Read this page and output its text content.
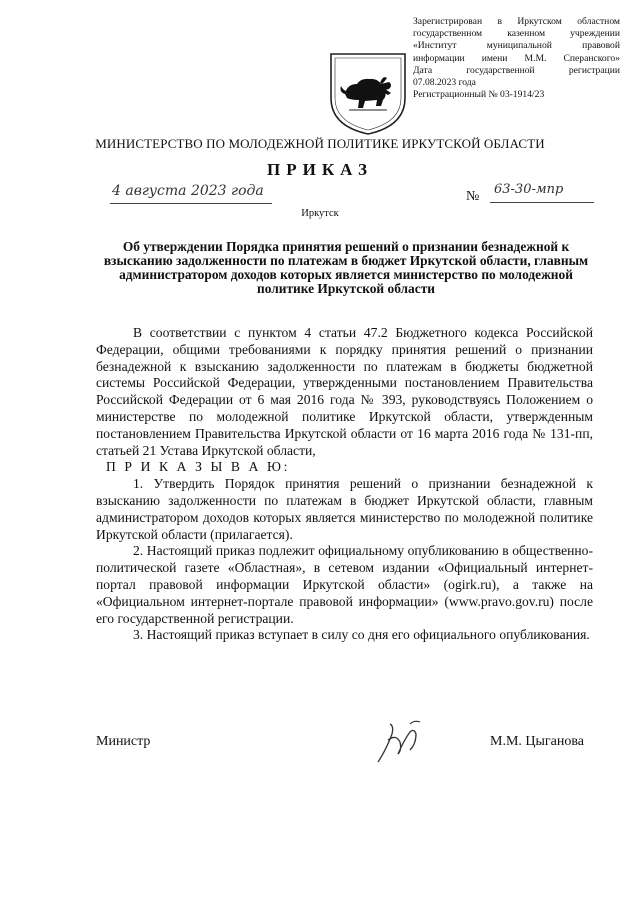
Зарегистрирован в Иркутском областном
государственном казенном учреждении
«Институт муниципальной правовой
информации имени М.М. Сперанского»
Дата государственной регистрации
07.08.2023 года
Регистрационный № 03-1914/23
МИНИСТЕРСТВО ПО МОЛОДЕЖНОЙ ПОЛИТИКЕ ИРКУТСКОЙ ОБЛАСТИ
ПРИКАЗ
4 августа 2023 года	№ 63-30-мпр
Иркутск
Об утверждении Порядка принятия решений о признании безнадежной к взысканию задолженности по платежам в бюджет Иркутской области, главным администратором доходов которых является министерство по молодежной политике Иркутской области

В соответствии с пунктом 4 статьи 47.2 Бюджетного кодекса Российской Федерации, общими требованиями к порядку принятия решений о признании безнадежной к взысканию задолженности по платежам в бюджеты бюджетной системы Российской Федерации, утвержденными постановлением Правительства Российской Федерации от 6 мая 2016 года № 393, руководствуясь Положением о министерстве по молодежной политике Иркутской области, утвержденным постановлением Правительства Иркутской области от 16 марта 2016 года № 131-пп, статьей 21 Устава Иркутской области,

П Р И К А З Ы В А Ю:

1. Утвердить Порядок принятия решений о признании безнадежной к взысканию задолженности по платежам в бюджет Иркутской области, главным администратором доходов которых является министерство по молодежной политике Иркутской области (прилагается).

2. Настоящий приказ подлежит официальному опубликованию в общественно-политической газете «Областная», в сетевом издании «Официальный интернет-портал правовой информации Иркутской области» (ogirk.ru), а также на «Официальном интернет-портале правовой информации» (www.pravo.gov.ru) после его государственной регистрации.

3. Настоящий приказ вступает в силу со дня его официального опубликования.

Министр	М.М. Цыганова
